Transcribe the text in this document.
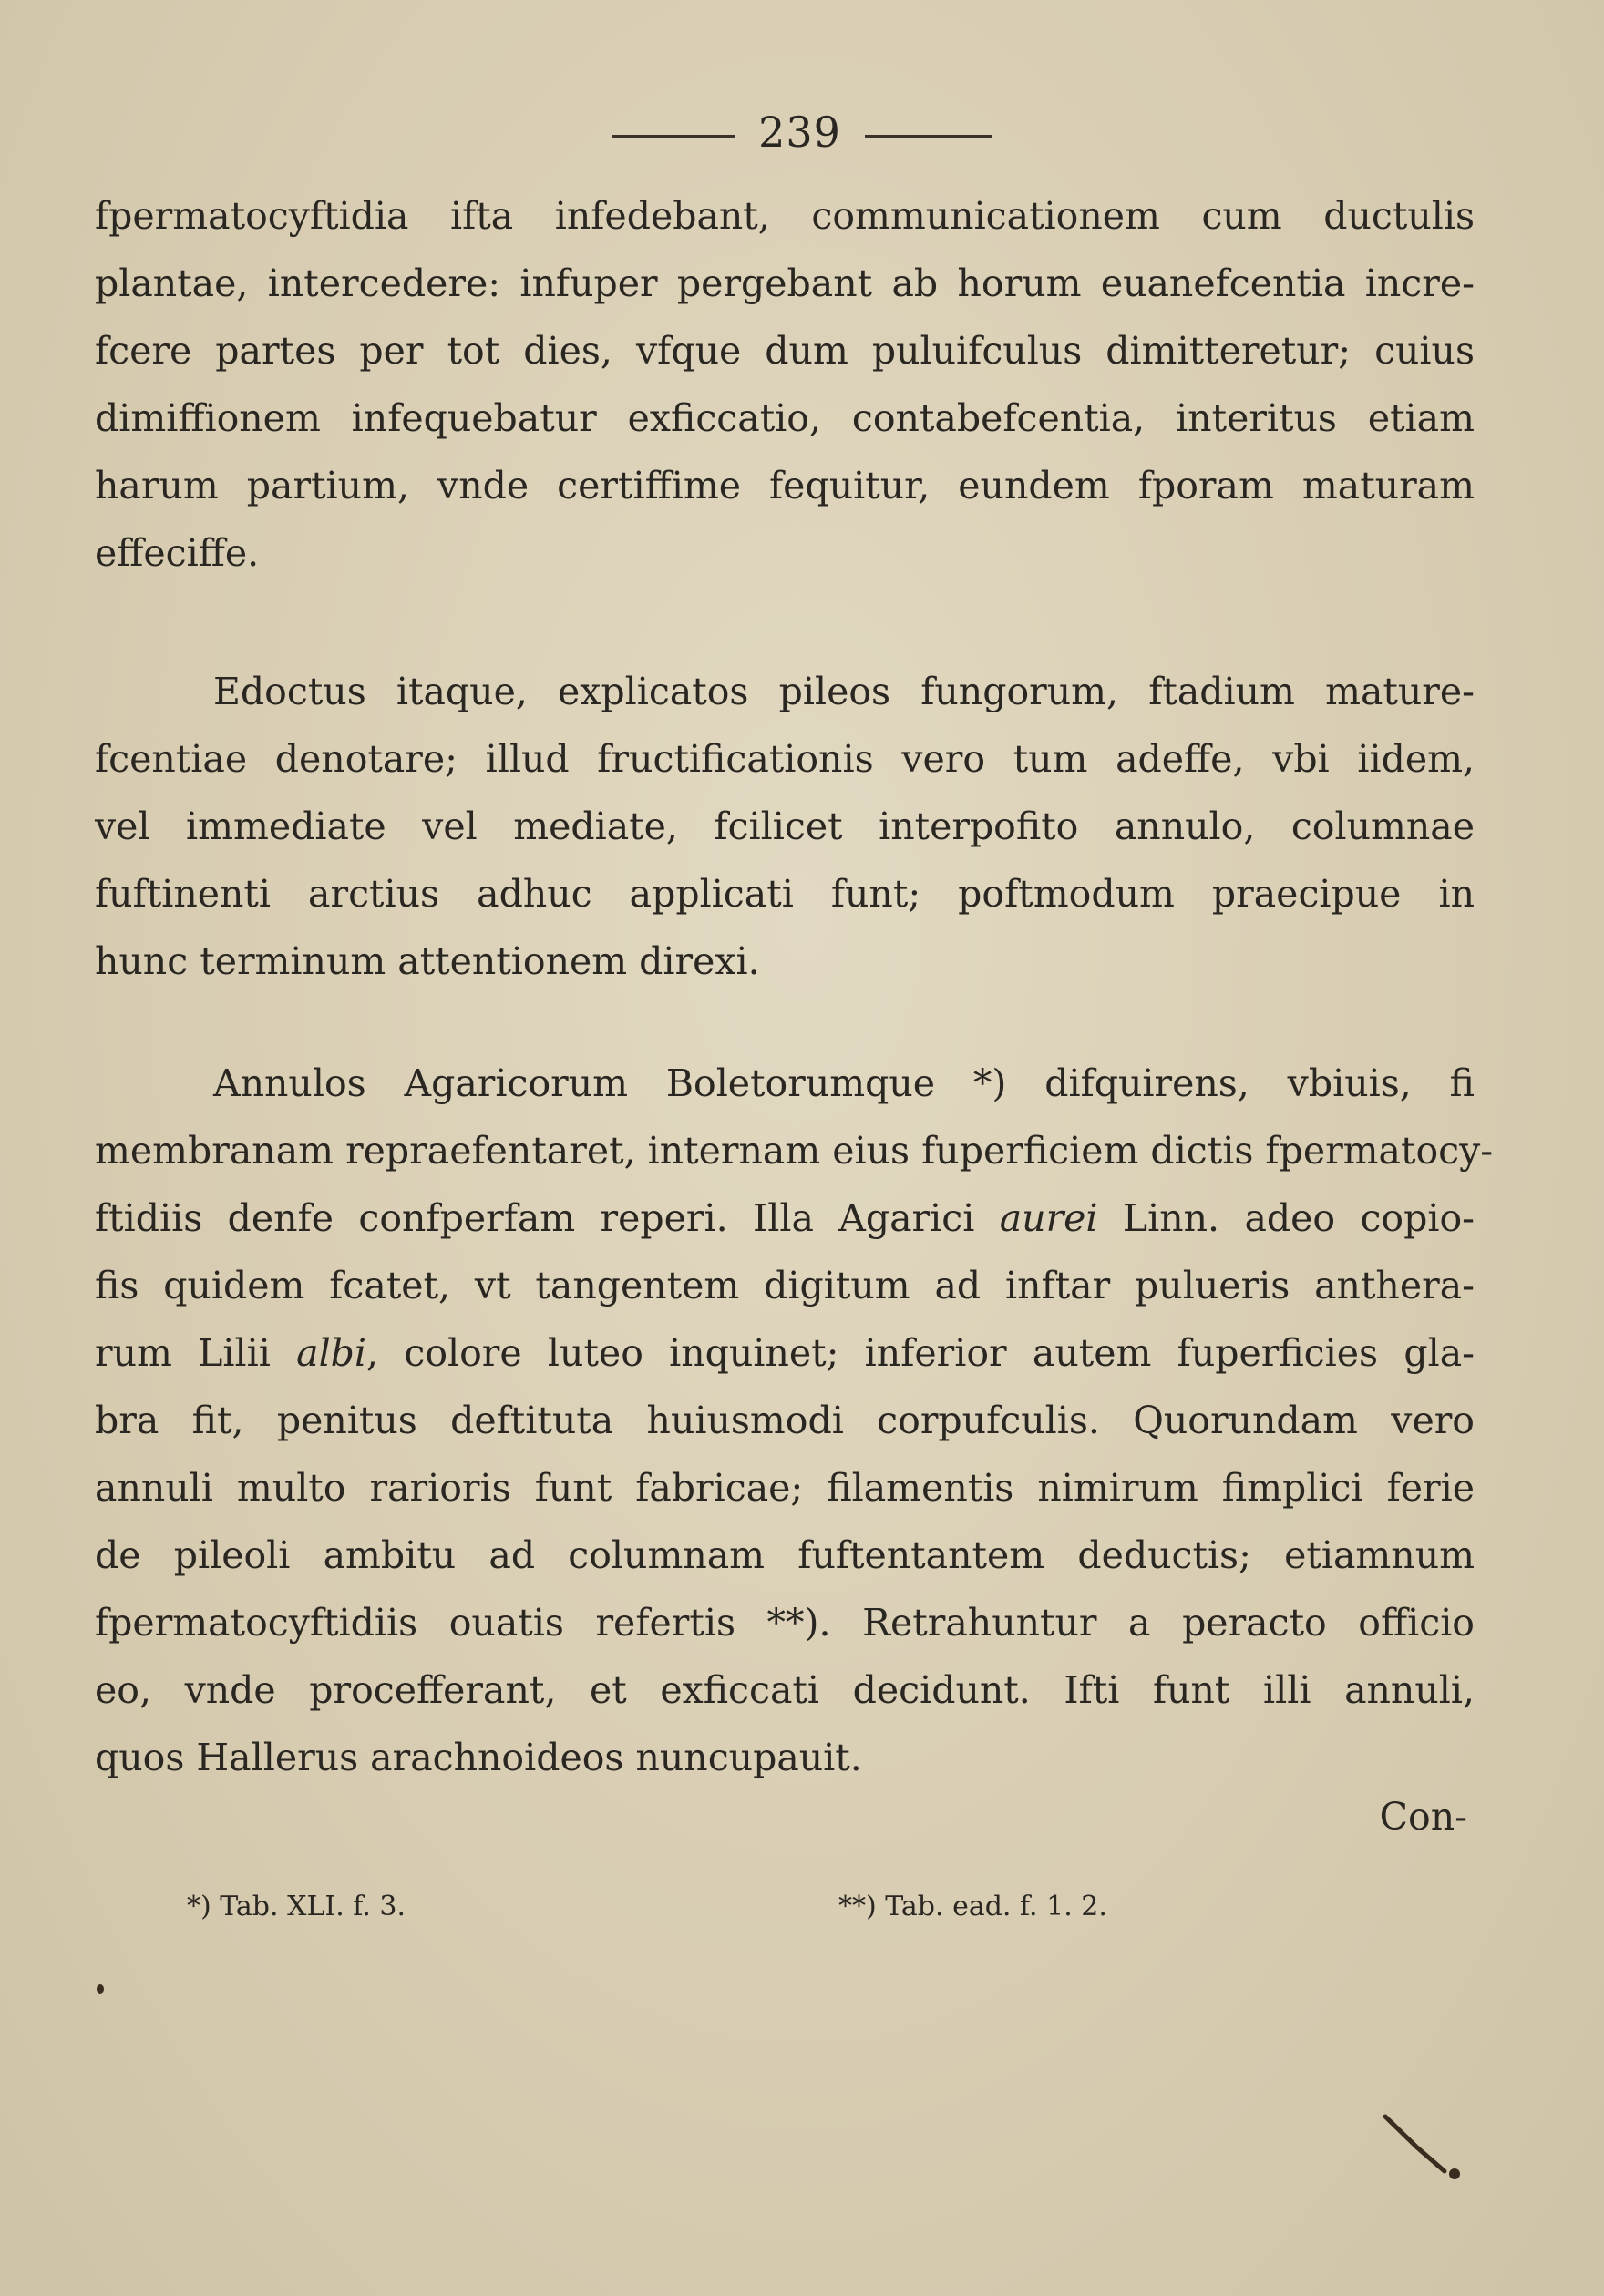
239
fpermatocyftidia ifta infedebant, communicationem cum ductulis
plantae, intercedere: infuper pergebant ab horum euanefcentia incre-
fcere partes per tot dies, vfque dum puluifculus dimitteretur; cuius
dimiffionem infequebatur exficcatio, contabefcentia, interitus etiam
harum partium, vnde certiffime fequitur, eundem fporam maturam
effeciffe.
Edoctus itaque, explicatos pileos fungorum, ftadium mature-
fcentiae denotare; illud fructificationis vero tum adeffe, vbi iidem,
vel immediate vel mediate, fcilicet interpofito annulo, columnae
fuftinenti arctius adhuc applicati funt; poftmodum praecipue in
hunc terminum attentionem direxi.
Annulos Agaricorum Boletorumque *) difquirens, vbiuis, fi
membranam repraefentaret, internam eius fuperficiem dictis fpermatocy-
ftidiis denfe confperfam reperi. Illa Agarici aurei Linn. adeo copio-
fis quidem fcatet, vt tangentem digitum ad inftar pulueris anthera-
rum Lilii albi, colore luteo inquinet; inferior autem fuperficies gla-
bra fit, penitus deftituta huiusmodi corpufculis. Quorundam vero
annuli multo rarioris funt fabricae; filamentis nimirum fimplici ferie
de pileoli ambitu ad columnam fuftentantem deductis; etiamnum
fpermatocyftidiis ouatis refertis **). Retrahuntur a peracto officio
eo, vnde procefferant, et exficcati decidunt. Ifti funt illi annuli,
quos Hallerus arachnoideos nuncupauit.
Con-
*) Tab. XLI. f. 3.	**) Tab. ead. f. 1. 2.
